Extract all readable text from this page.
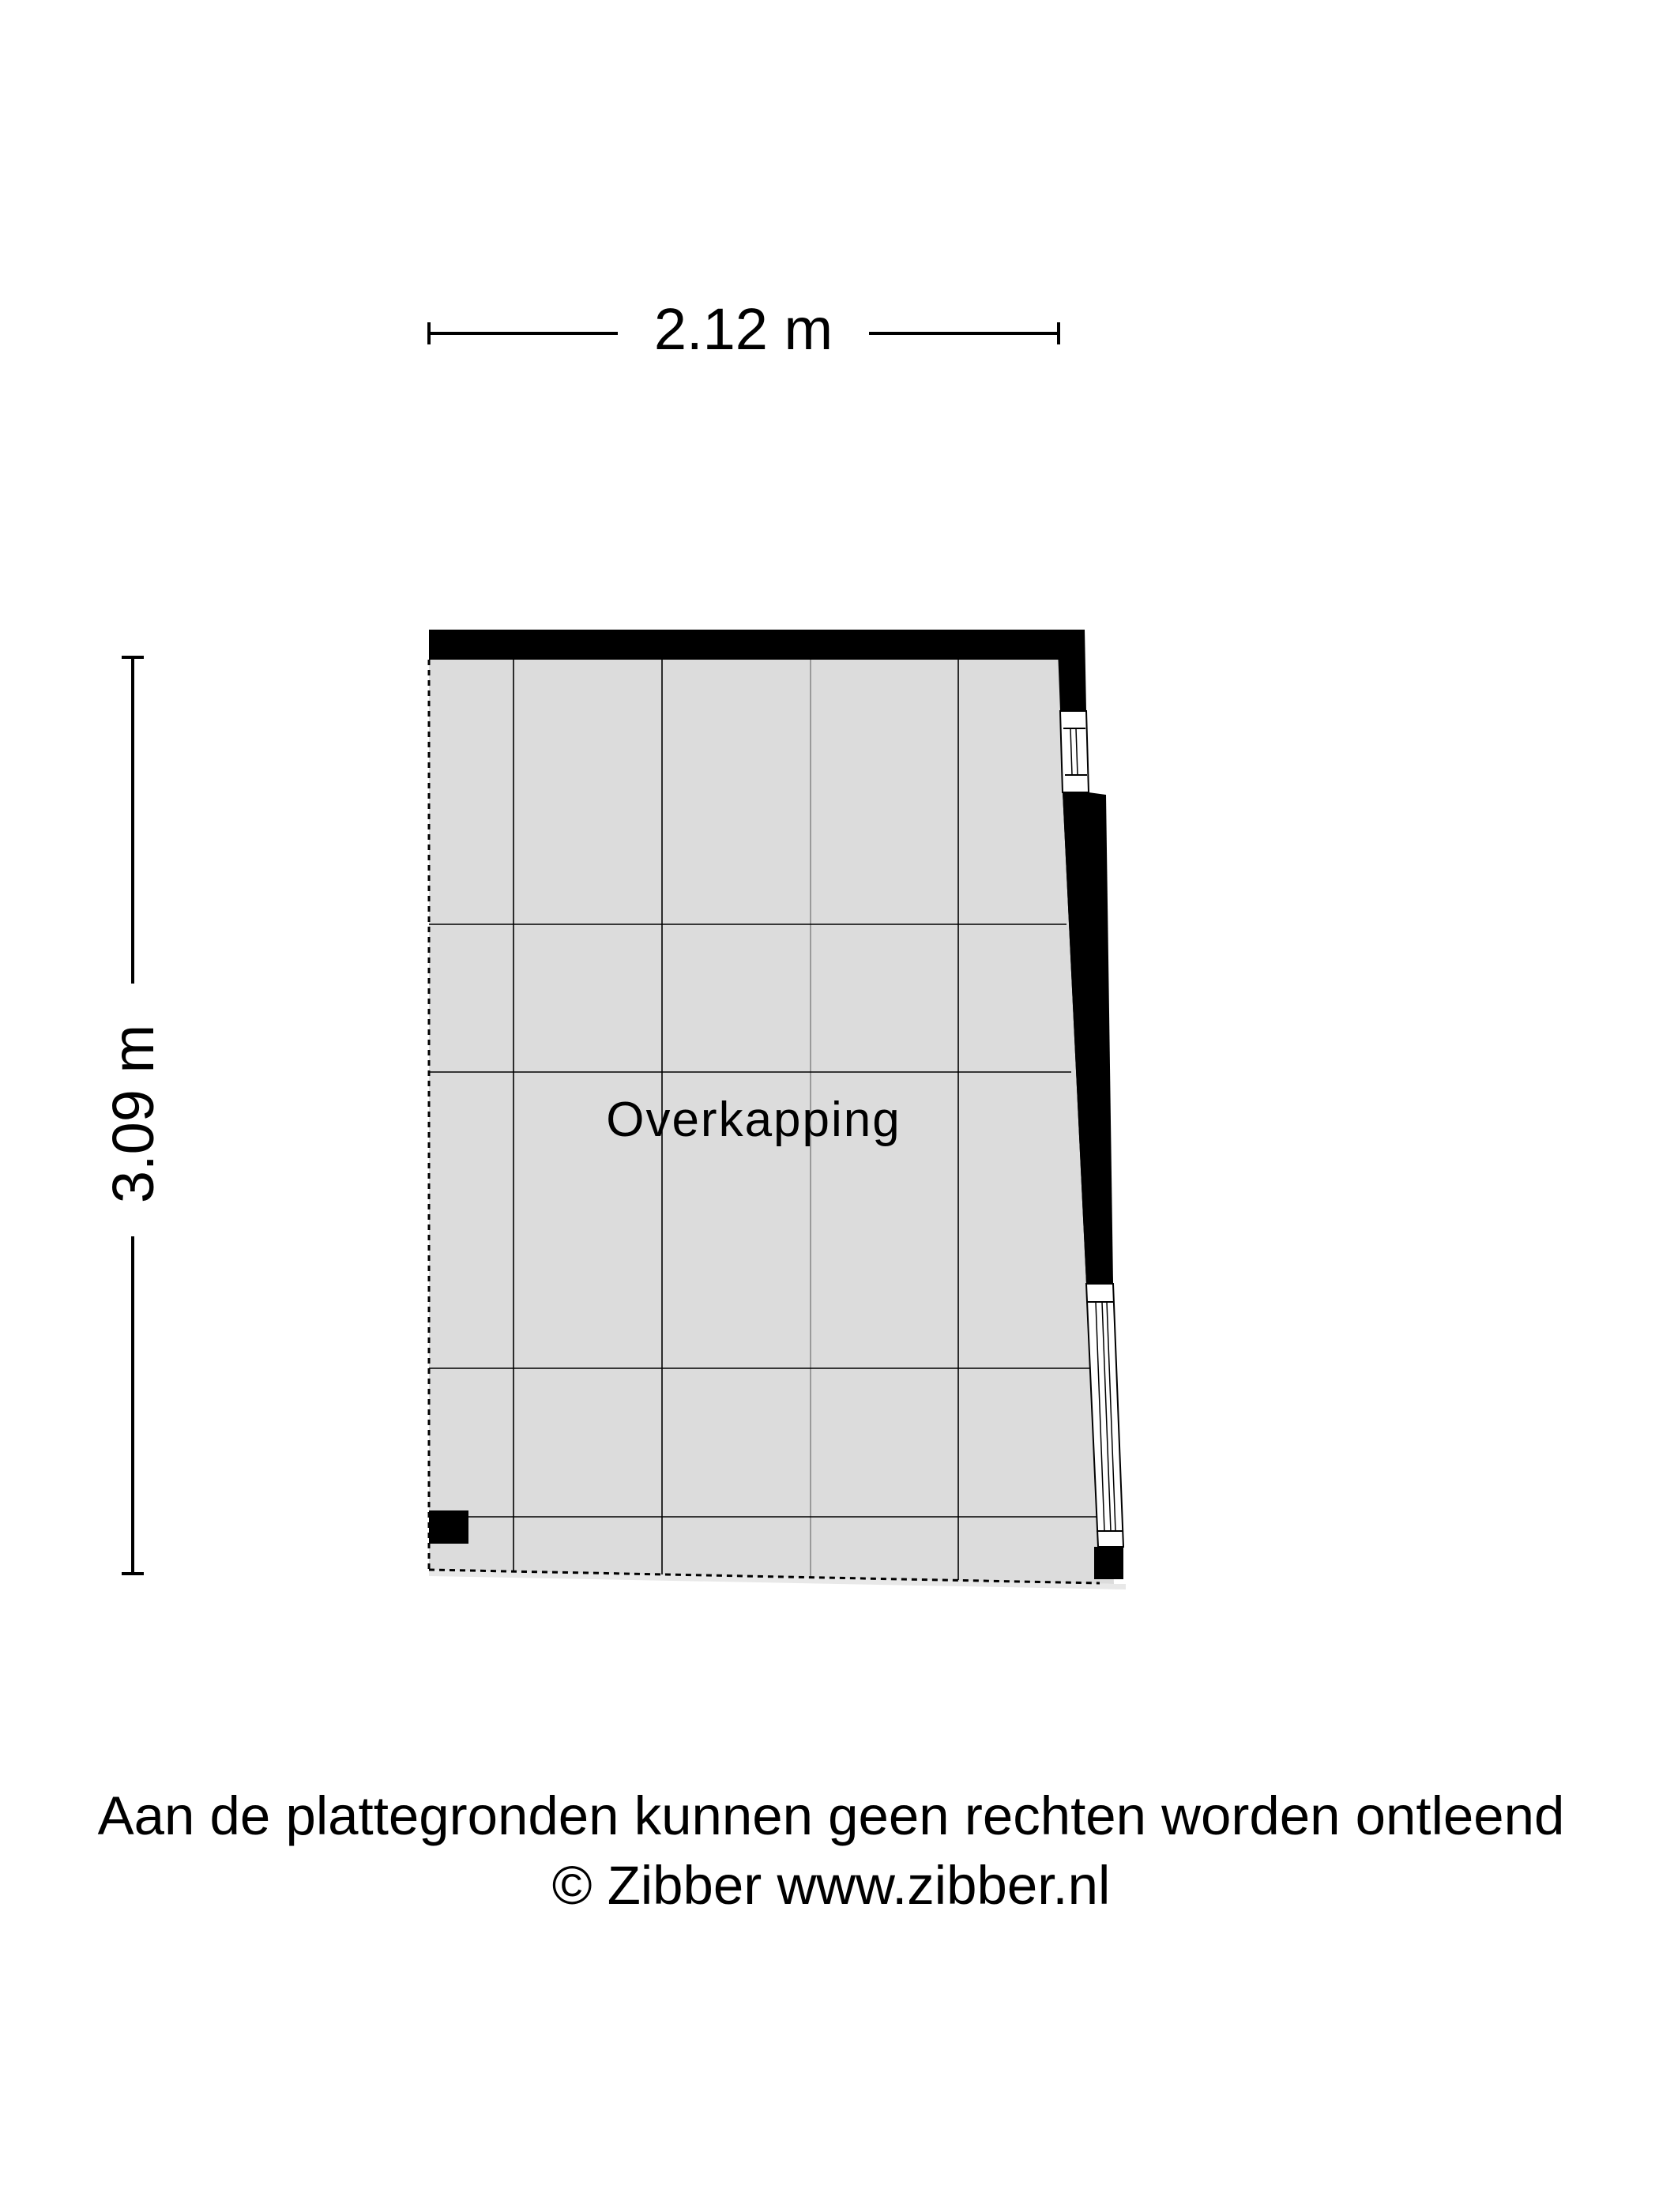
2.12 m
3.09 m	Overkapping
Aan de plattegronden kunnen geen rechten worden ontleend
© Zibber www.zibber.nl
